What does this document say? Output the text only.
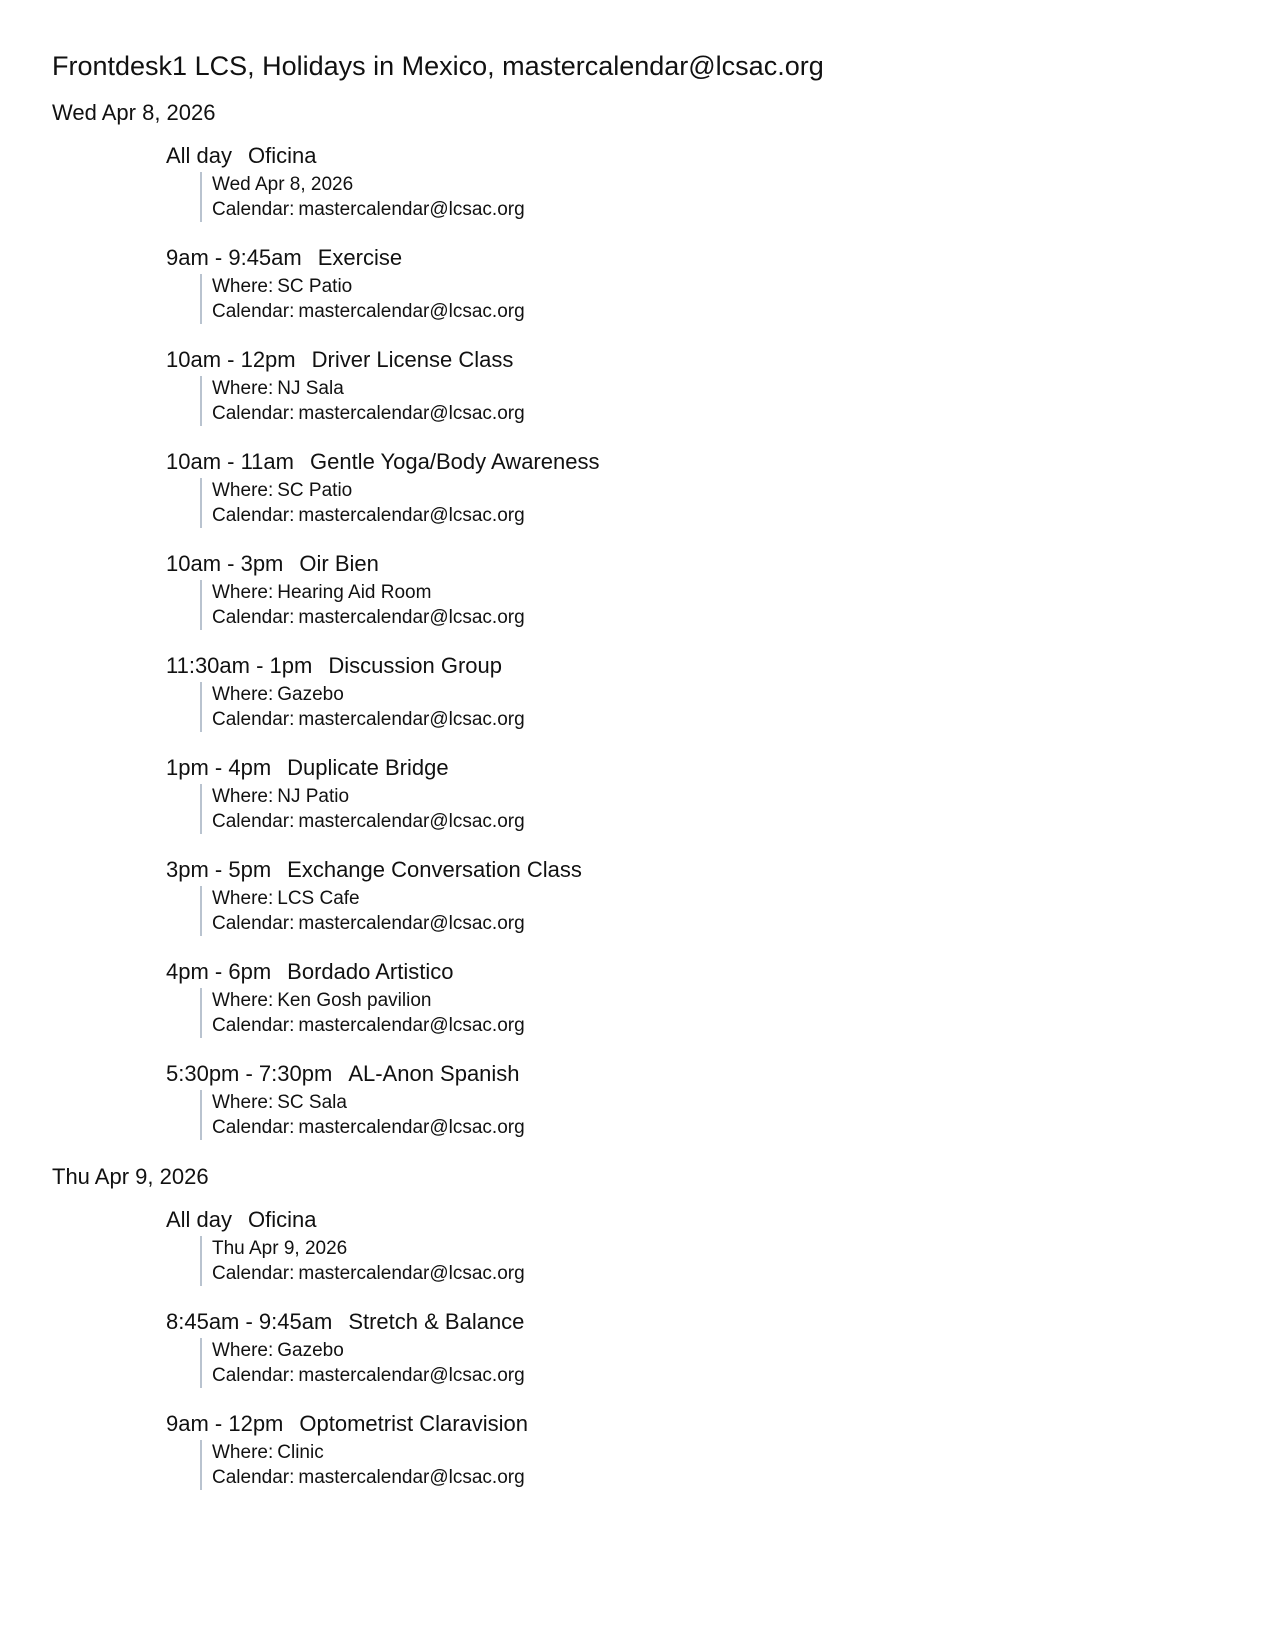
Frontdesk1 LCS, Holidays in Mexico, mastercalendar@lcsac.org
Wed Apr 8, 2026
All day Oficina
Wed Apr 8, 2026
Calendar: mastercalendar@lcsac.org
9am - 9:45am Exercise
Where: SC Patio
Calendar: mastercalendar@lcsac.org
10am - 12pm Driver License Class
Where: NJ Sala
Calendar: mastercalendar@lcsac.org
10am - 11am Gentle Yoga/Body Awareness
Where: SC Patio
Calendar: mastercalendar@lcsac.org
10am - 3pm Oir Bien
Where: Hearing Aid Room
Calendar: mastercalendar@lcsac.org
11:30am - 1pm Discussion Group
Where: Gazebo
Calendar: mastercalendar@lcsac.org
1pm - 4pm Duplicate Bridge
Where: NJ Patio
Calendar: mastercalendar@lcsac.org
3pm - 5pm Exchange Conversation Class
Where: LCS Cafe
Calendar: mastercalendar@lcsac.org
4pm - 6pm Bordado Artistico
Where: Ken Gosh pavilion
Calendar: mastercalendar@lcsac.org
5:30pm - 7:30pm AL-Anon Spanish
Where: SC Sala
Calendar: mastercalendar@lcsac.org
Thu Apr 9, 2026
All day Oficina
Thu Apr 9, 2026
Calendar: mastercalendar@lcsac.org
8:45am - 9:45am Stretch & Balance
Where: Gazebo
Calendar: mastercalendar@lcsac.org
9am - 12pm Optometrist Claravision
Where: Clinic
Calendar: mastercalendar@lcsac.org
